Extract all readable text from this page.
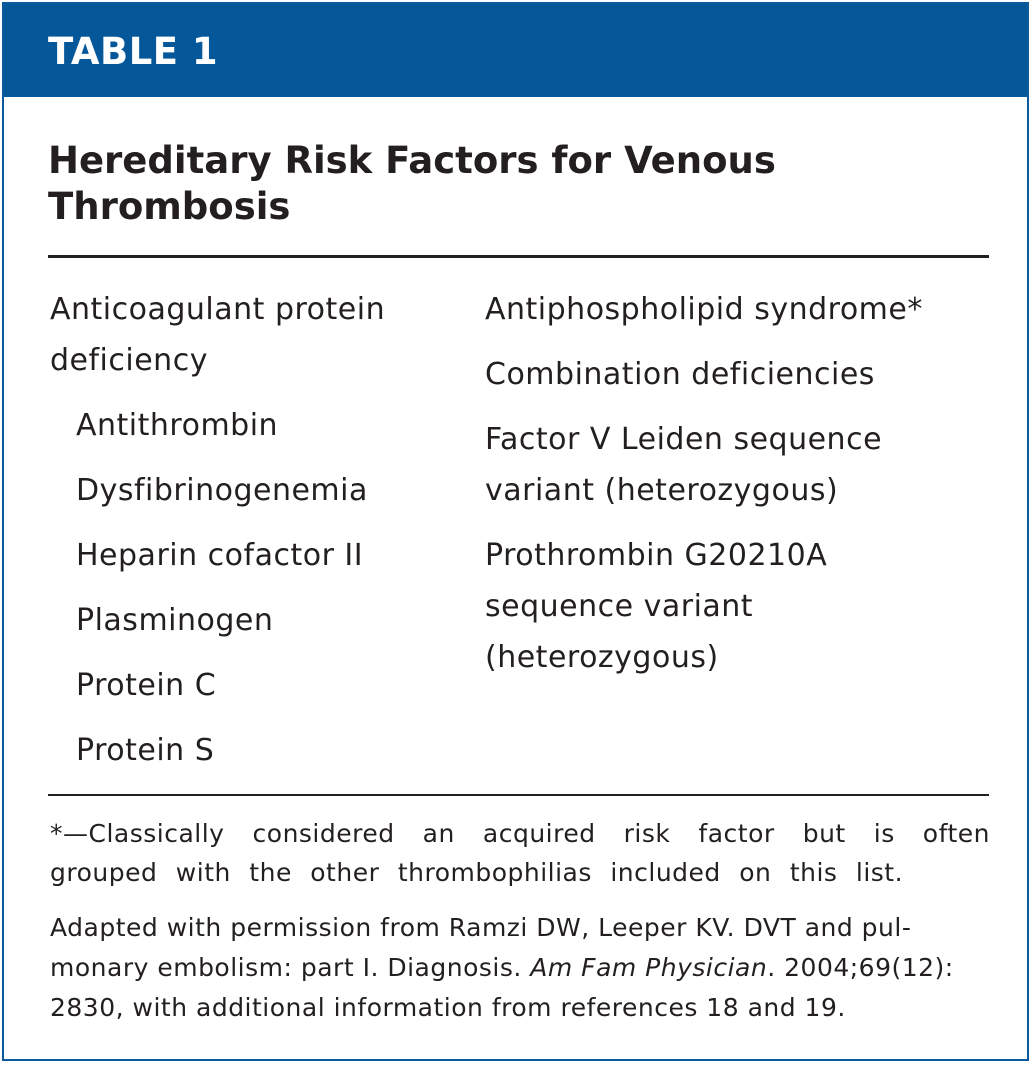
TABLE 1
Hereditary Risk Factors for Venous
Thrombosis
Anticoagulant protein
deficiency
Antithrombin
Dysfibrinogenemia
Heparin cofactor II
Plasminogen
Protein C
Protein S
Antiphospholipid syndrome*
Combination deficiencies
Factor V Leiden sequence
variant (heterozygous)
Prothrombin G20210A
sequence variant
(heterozygous)
*—Classically considered an acquired risk factor but is often grouped with the other thrombophilias included on this list.
Adapted with permission from Ramzi DW, Leeper KV. DVT and pul-monary embolism: part I. Diagnosis. Am Fam Physician. 2004;69(12): 2830, with additional information from references 18 and 19.
